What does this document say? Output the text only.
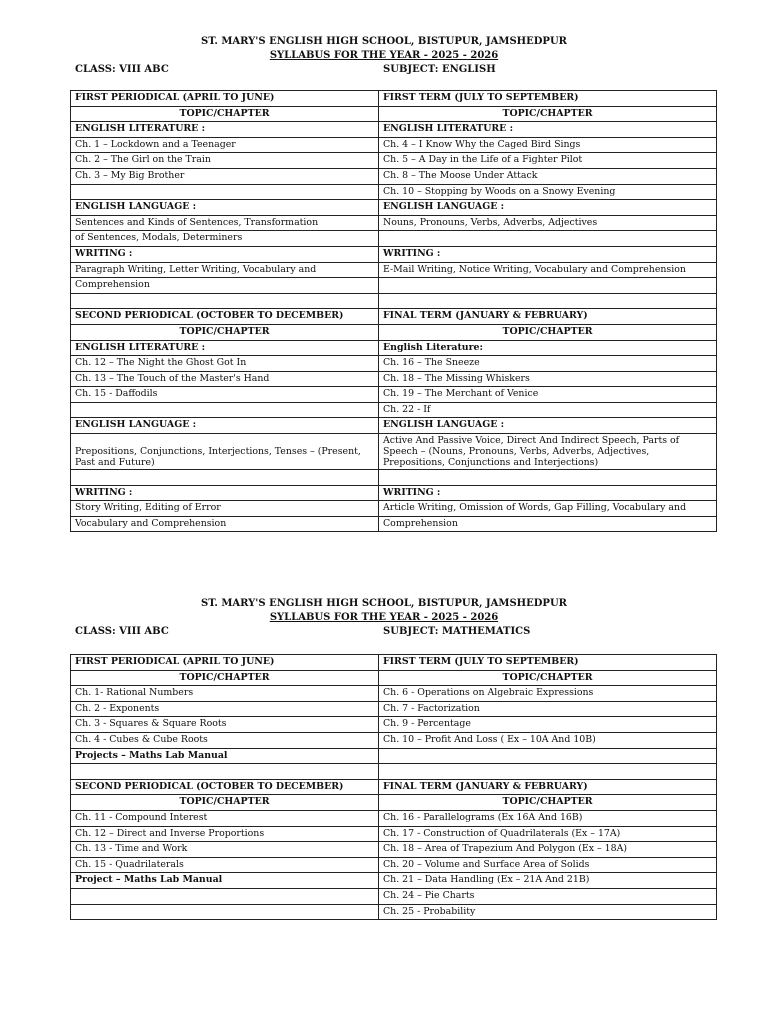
ST. MARY'S ENGLISH HIGH SCHOOL, BISTUPUR, JAMSHEDPUR
SYLLABUS FOR THE YEAR - 2025 - 2026
CLASS: VIII ABC	SUBJECT: ENGLISH
FIRST PERIODICAL (APRIL TO JUNE)	FIRST TERM (JULY TO SEPTEMBER)
TOPIC/CHAPTER	TOPIC/CHAPTER
ENGLISH LITERATURE :	ENGLISH LITERATURE :
Ch. 1 – Lockdown and a Teenager	Ch. 4 – I Know Why the Caged Bird Sings
Ch. 2 – The Girl on the Train	Ch. 5 – A Day in the Life of a Fighter Pilot
Ch. 3 – My Big Brother	Ch. 8 – The Moose Under Attack
	Ch. 10 – Stopping by Woods on a Snowy Evening
ENGLISH LANGUAGE :	ENGLISH LANGUAGE :
Sentences and Kinds of Sentences, Transformation	Nouns, Pronouns, Verbs, Adverbs, Adjectives
of Sentences, Modals, Determiners	
WRITING :	WRITING :
Paragraph Writing, Letter Writing, Vocabulary and	E-Mail Writing, Notice Writing, Vocabulary and Comprehension
Comprehension	

SECOND PERIODICAL (OCTOBER TO DECEMBER)	FINAL TERM (JANUARY & FEBRUARY)
TOPIC/CHAPTER	TOPIC/CHAPTER
ENGLISH LITERATURE :	English Literature:
Ch. 12 – The Night the Ghost Got In	Ch. 16 – The Sneeze
Ch. 13 – The Touch of the Master's Hand	Ch. 18 – The Missing Whiskers
Ch. 15 - Daffodils	Ch. 19 – The Merchant of Venice
	Ch. 22 - If
ENGLISH LANGUAGE :	ENGLISH LANGUAGE :
Prepositions, Conjunctions, Interjections, Tenses – (Present, Past and Future)	Active And Passive Voice, Direct And Indirect Speech, Parts of Speech – (Nouns, Pronouns, Verbs, Adverbs, Adjectives, Prepositions, Conjunctions and Interjections)

WRITING :	WRITING :
Story Writing, Editing of Error	Article Writing, Omission of Words, Gap Filling, Vocabulary and
Vocabulary and Comprehension	Comprehension
ST. MARY'S ENGLISH HIGH SCHOOL, BISTUPUR, JAMSHEDPUR
SYLLABUS FOR THE YEAR - 2025 - 2026
CLASS: VIII ABC	SUBJECT: MATHEMATICS
FIRST PERIODICAL (APRIL TO JUNE)	FIRST TERM (JULY TO SEPTEMBER)
TOPIC/CHAPTER	TOPIC/CHAPTER
Ch. 1- Rational Numbers	Ch. 6 - Operations on Algebraic Expressions
Ch. 2 - Exponents	Ch. 7 - Factorization
Ch. 3 - Squares & Square Roots	Ch. 9 - Percentage
Ch. 4 - Cubes & Cube Roots	Ch. 10 – Profit And Loss ( Ex – 10A And 10B)
Projects – Maths Lab Manual	

SECOND PERIODICAL (OCTOBER TO DECEMBER)	FINAL TERM (JANUARY & FEBRUARY)
TOPIC/CHAPTER	TOPIC/CHAPTER
Ch. 11 - Compound Interest	Ch. 16 - Parallelograms (Ex 16A And 16B)
Ch. 12 – Direct and Inverse Proportions	Ch. 17 - Construction of Quadrilaterals (Ex – 17A)
Ch. 13 - Time and Work	Ch. 18 – Area of Trapezium And Polygon (Ex – 18A)
Ch. 15 - Quadrilaterals	Ch. 20 – Volume and Surface Area of Solids
Project – Maths Lab Manual	Ch. 21 – Data Handling (Ex – 21A And 21B)
	Ch. 24 – Pie Charts
	Ch. 25 - Probability
